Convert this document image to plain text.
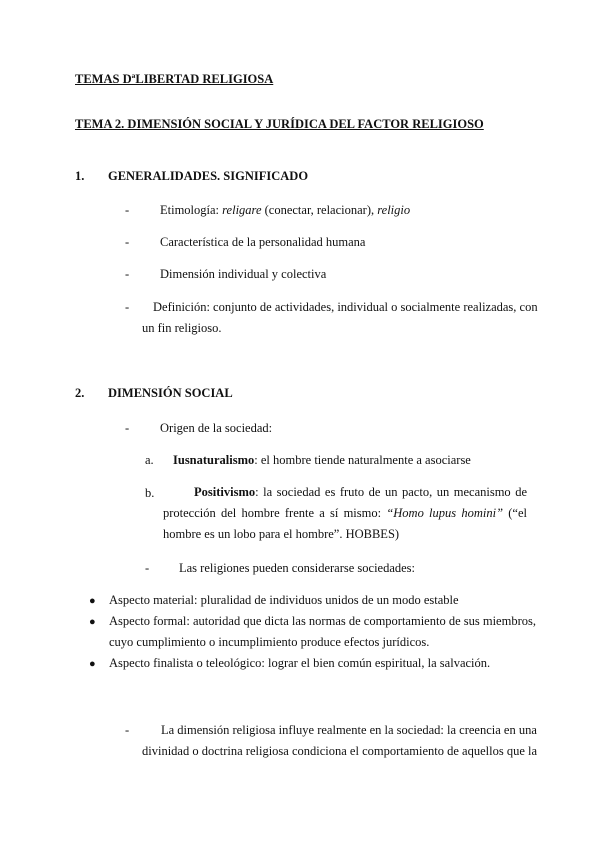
TEMAS DªLIBERTAD RELIGIOSA
TEMA 2. DIMENSIÓN SOCIAL Y JURÍDICA DEL FACTOR RELIGIOSO
1. GENERALIDADES. SIGNIFICADO
- Etimología: religare (conectar, relacionar), religio
- Característica de la personalidad humana
- Dimensión individual y colectiva
- Definición: conjunto de actividades, individual o socialmente realizadas, con
un fin religioso.
2. DIMENSIÓN SOCIAL
- Origen de la sociedad:
a. Iusnaturalismo: el hombre tiende naturalmente a asociarse
b.	Positivismo: la sociedad es fruto de un pacto, un mecanismo de
protección del hombre frente a sí mismo: “Homo lupus homini” (“el
hombre es un lobo para el hombre”. HOBBES)
- Las religiones pueden considerarse sociedades:
● Aspecto material: pluralidad de individuos unidos de un modo estable
● Aspecto formal: autoridad que dicta las normas de comportamiento de sus miembros,
cuyo cumplimiento o incumplimiento produce efectos jurídicos.
● Aspecto finalista o teleológico: lograr el bien común espiritual, la salvación.
-	La dimensión religiosa influye realmente en la sociedad: la creencia en una
divinidad o doctrina religiosa condiciona el comportamiento de aquellos que la
